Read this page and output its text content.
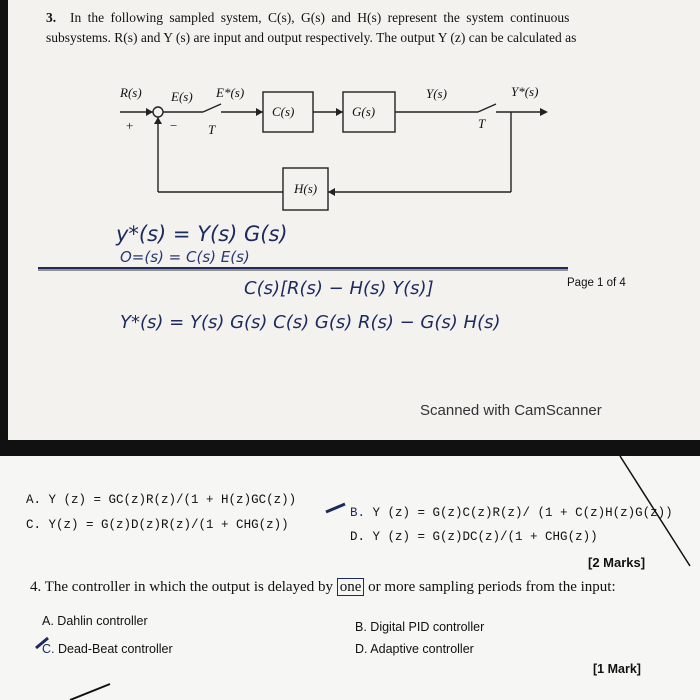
3. In the following sampled system, C(s), G(s) and H(s) represent the system continuous
subsystems. R(s) and Y (s) are input and output respectively. The output Y (z) can be calculated as
R(s) E(s) E*(s)
C(s)	G(s)
Y(s)	Y*(s)
H(s)
+	− T	T
y*(s) = Y(s) G(s)
O=(s) = C(s) E(s)
C(s)[R(s) − H(s) Y(s)]
Y*(s) = Y(s) G(s) C(s) G(s) R(s) − G(s) H(s)
Page 1 of 4
Scanned with CamScanner
A. Y (z) = GC(z)R(z)/(1 + H(z)GC(z))
C. Y(z) = G(z)D(z)R(z)/(1 + CHG(z))
B. Y (z) = G(z)C(z)R(z)/ (1 + C(z)H(z)G(z))
D. Y (z) = G(z)DC(z)/(1 + CHG(z))
[2 Marks]
4. The controller in which the output is delayed by one or more sampling periods from the input:
A. Dahlin controller
C. Dead-Beat controller
B. Digital PID controller
D. Adaptive controller
[1 Mark]
